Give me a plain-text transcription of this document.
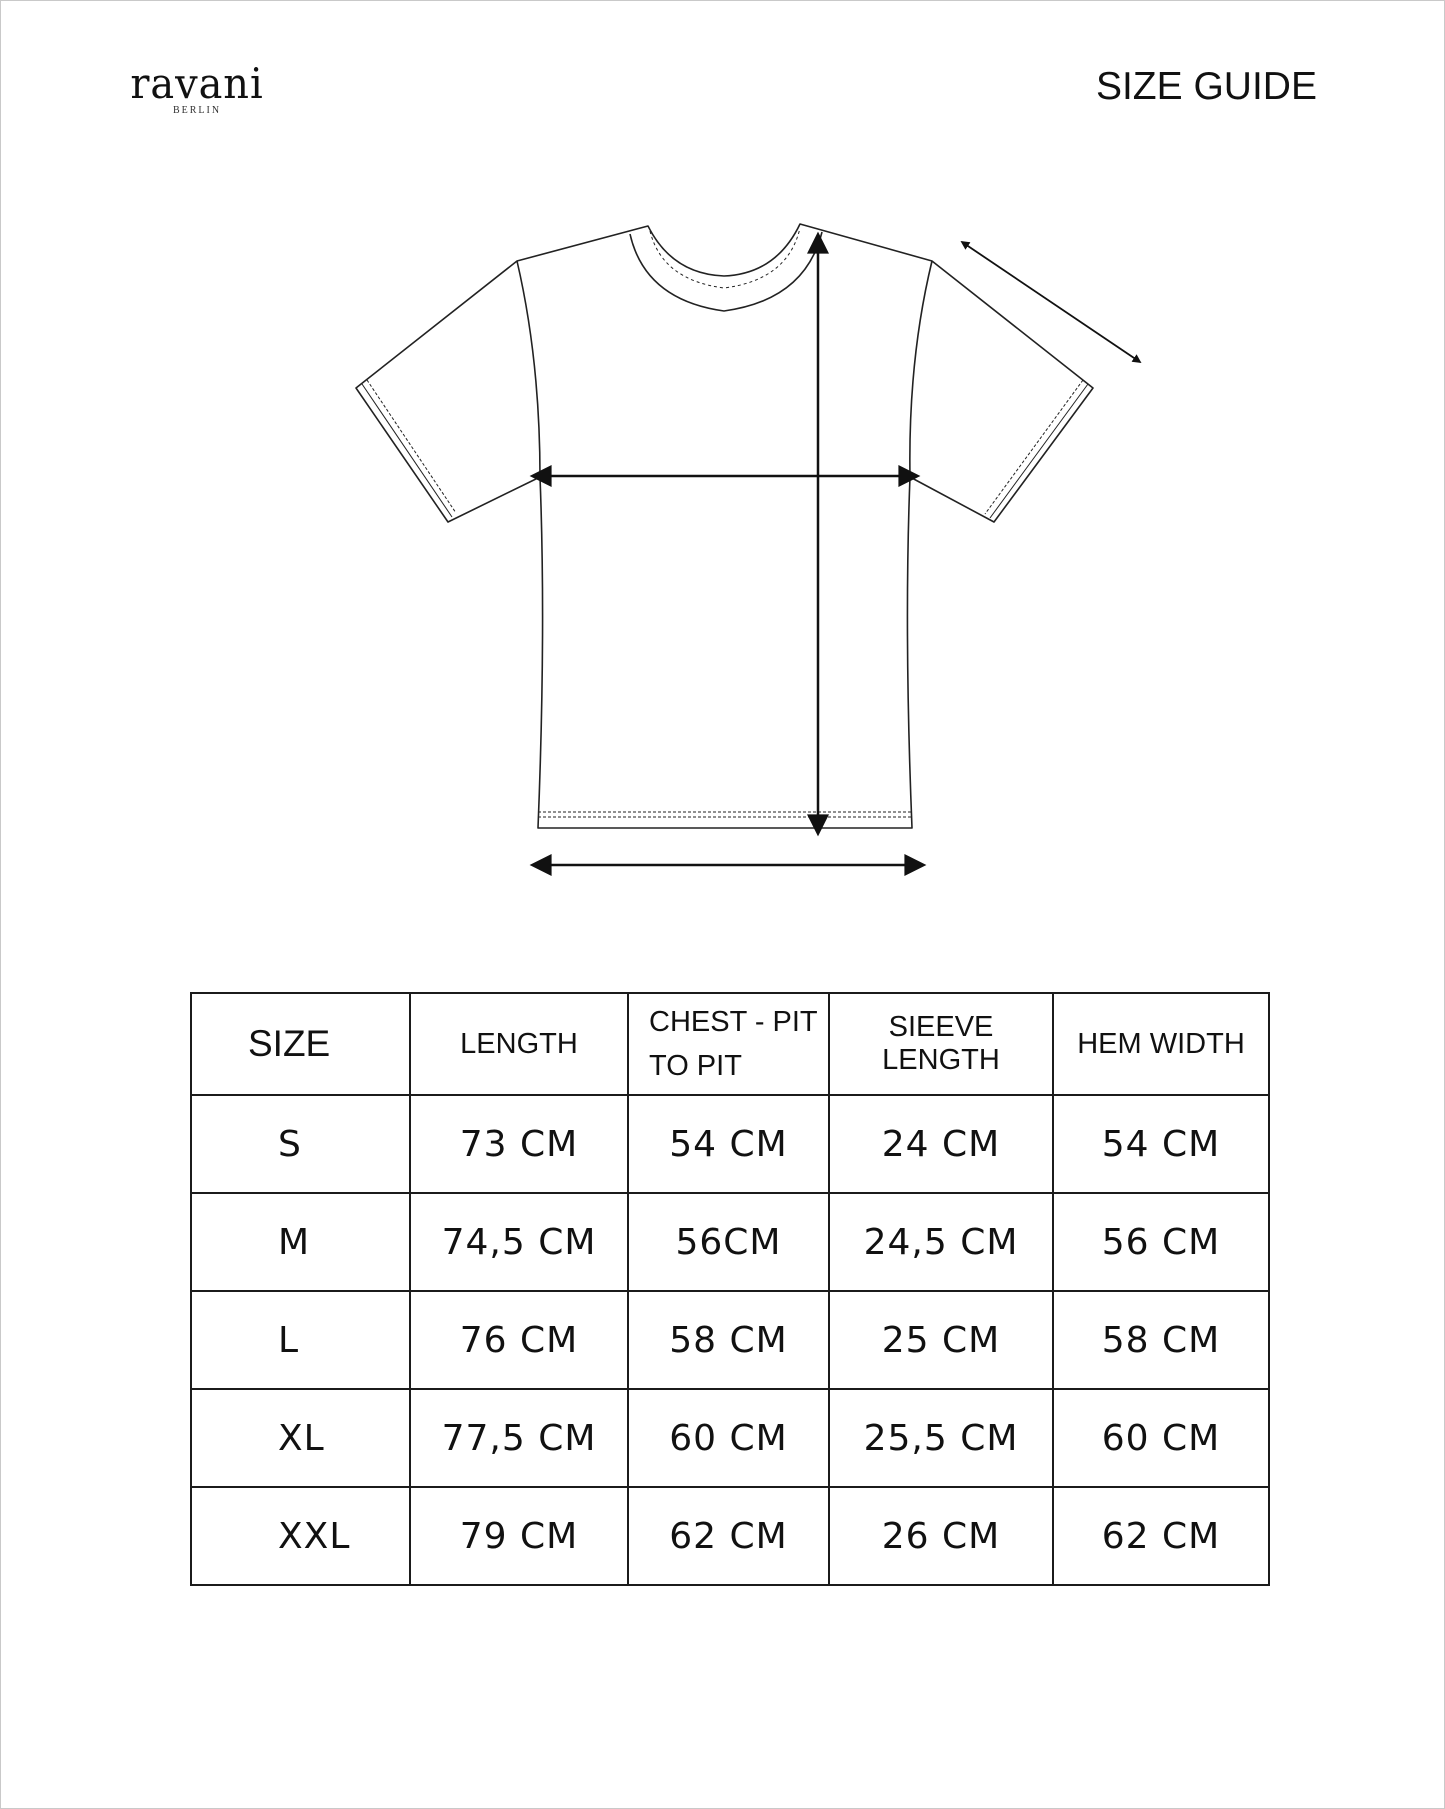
ravani
BERLIN
SIZE GUIDE
SIZE	LENGTH	CHEST - PIT TO PIT	SIEEVE LENGTH	HEM WIDTH
S	73 CM	54 CM	24 CM	54 CM
M	74,5 CM	56CM	24,5 CM	56 CM
L	76 CM	58 CM	25 CM	58 CM
XL	77,5 CM	60 CM	25,5 CM	60 CM
XXL	79 CM	62 CM	26 CM	62 CM
